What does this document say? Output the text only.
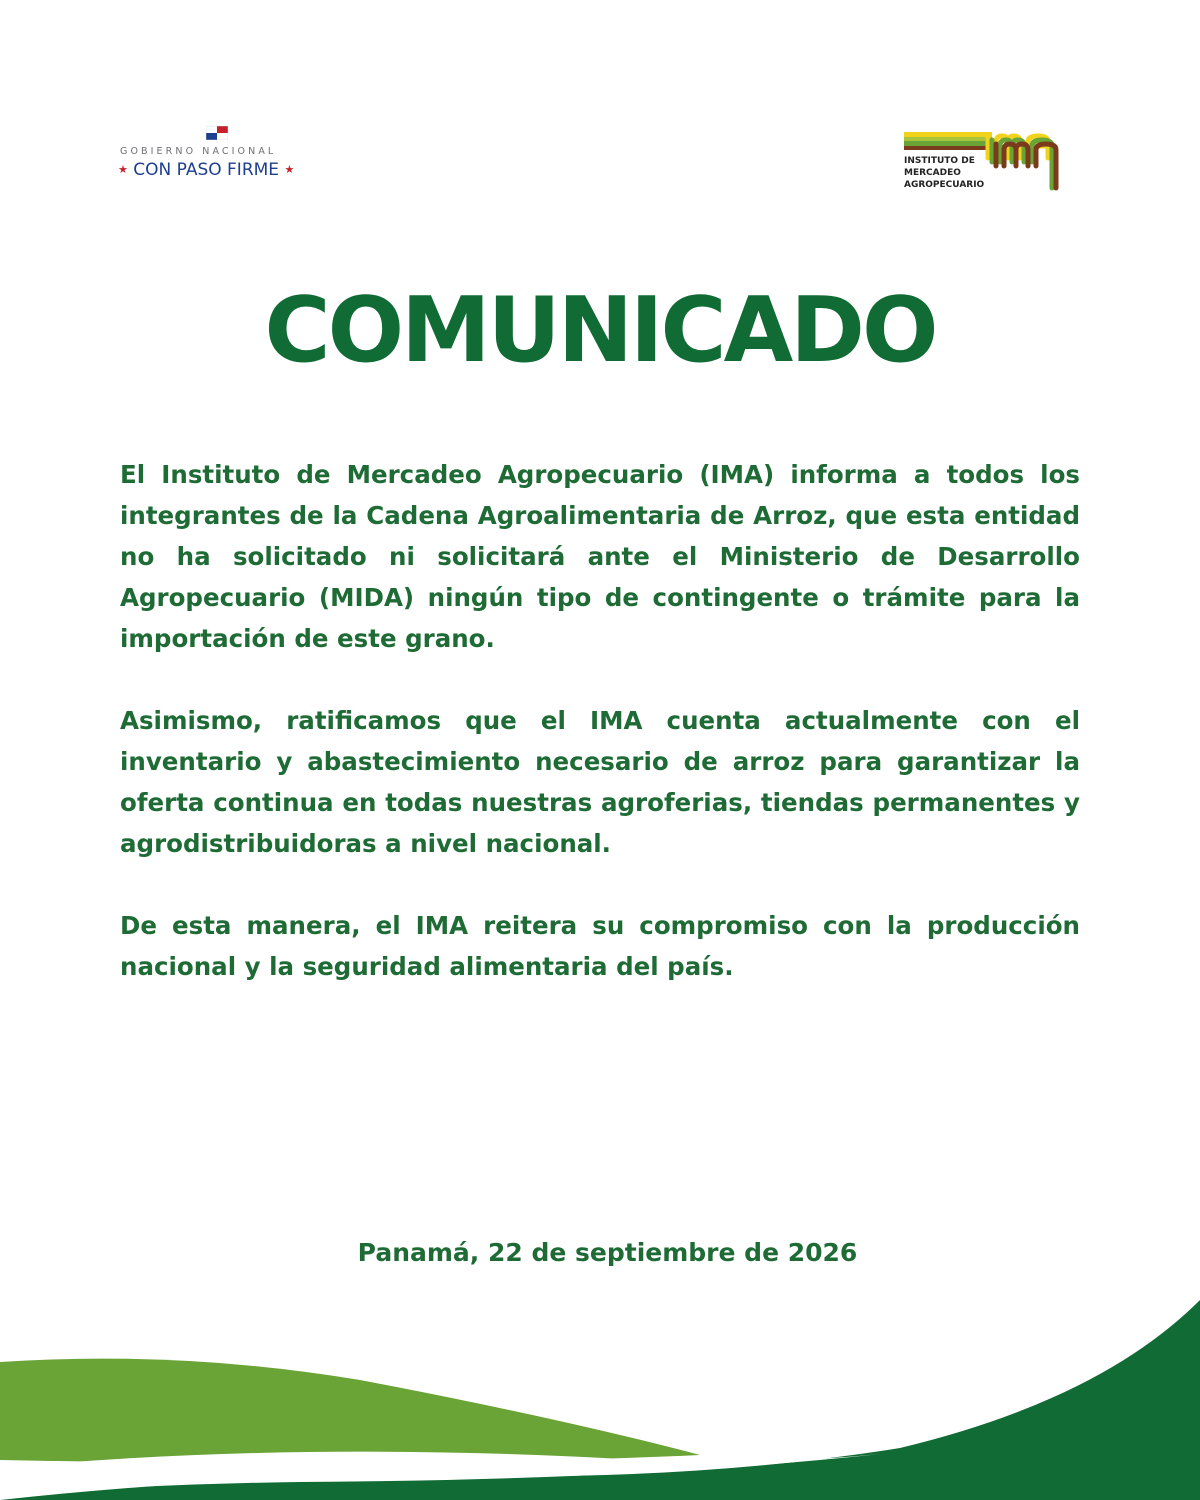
GOBIERNO NACIONAL
★ CON PASO FIRME ★
INSTITUTO DE
MERCADEO
AGROPECUARIO
COMUNICADO

El Instituto de Mercadeo Agropecuario (IMA) informa a todos los integrantes de la Cadena Agroalimentaria de Arroz, que esta entidad no ha solicitado ni solicitará ante el Ministerio de Desarrollo Agropecuario (MIDA) ningún tipo de contingente o trámite para la importación de este grano.

Asimismo, ratificamos que el IMA cuenta actualmente con el inventario y abastecimiento necesario de arroz para garantizar la oferta continua en todas nuestras agroferias, tiendas permanentes y agrodistribuidoras a nivel nacional.

De esta manera, el IMA reitera su compromiso con la producción nacional y la seguridad alimentaria del país.

Panamá, 22 de septiembre de 2026
